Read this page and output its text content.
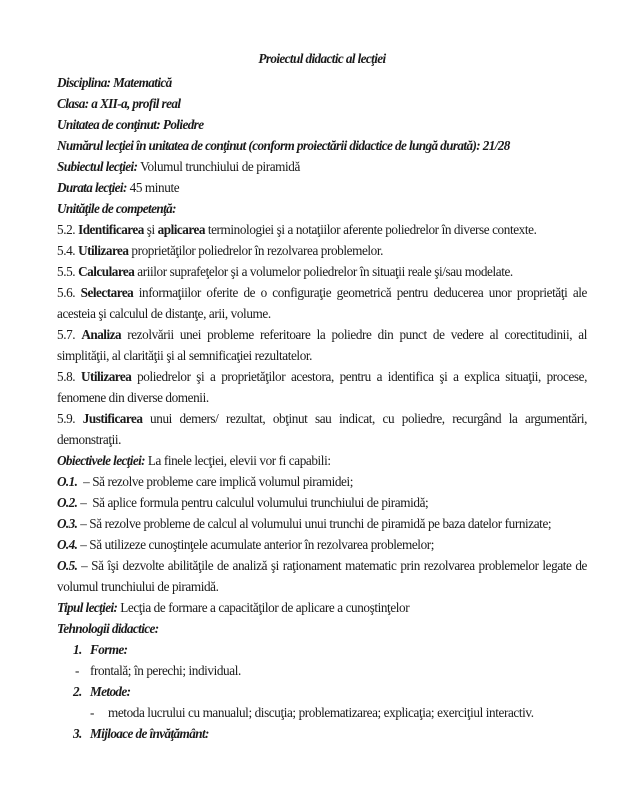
Proiectul didactic al lecţiei

Disciplina: Matematică

Clasa: a XII-a, profil real

Unitatea de conţinut: Poliedre

Numărul lecţiei în unitatea de conţinut (conform proiectării didactice de lungă durată): 21/28

Subiectul lecţiei: Volumul trunchiului de piramidă

Durata lecţiei: 45 minute

Unităţile de competenţă:

5.2. Identificarea şi aplicarea terminologiei şi a notaţiilor aferente poliedrelor în diverse contexte.

5.4. Utilizarea proprietăţilor poliedrelor în rezolvarea problemelor.

5.5. Calcularea ariilor suprafeţelor şi a volumelor poliedrelor în situaţii reale şi/sau modelate.

5.6. Selectarea informaţiilor oferite de o configuraţie geometrică pentru deducerea unor proprietăţi ale acesteia şi calculul de distanţe, arii, volume.

5.7. Analiza rezolvării unei probleme referitoare la poliedre din punct de vedere al corectitudinii, al simplităţii, al clarităţii şi al semnificaţiei rezultatelor.

5.8. Utilizarea poliedrelor şi a proprietăţilor acestora, pentru a identifica şi a explica situaţii, procese, fenomene din diverse domenii.

5.9. Justificarea unui demers/ rezultat, obţinut sau indicat, cu poliedre, recurgând la argumentări, demonstraţii.

Obiectivele lecţiei: La finele lecţiei, elevii vor fi capabili:

O.1.  – Să rezolve probleme care implică volumul piramidei;

O.2. –  Să aplice formula pentru calculul volumului trunchiului de piramidă;

O.3. – Să rezolve probleme de calcul al volumului unui trunchi de piramidă pe baza datelor furnizate;

O.4. – Să utilizeze cunoştinţele acumulate anterior în rezolvarea problemelor;

O.5. – Să îşi dezvolte abilităţile de analiză şi raţionament matematic prin rezolvarea problemelor legate de volumul trunchiului de piramidă.

Tipul lecţiei: Lecţia de formare a capacităţilor de aplicare a cunoştinţelor

Tehnologii didactice:

1. Forme:

- frontală; în perechi; individual.

2. Metode:

- metoda lucrului cu manualul; discuţia; problematizarea; explicaţia; exerciţiul interactiv.

3. Mijloace de învăţământ:
